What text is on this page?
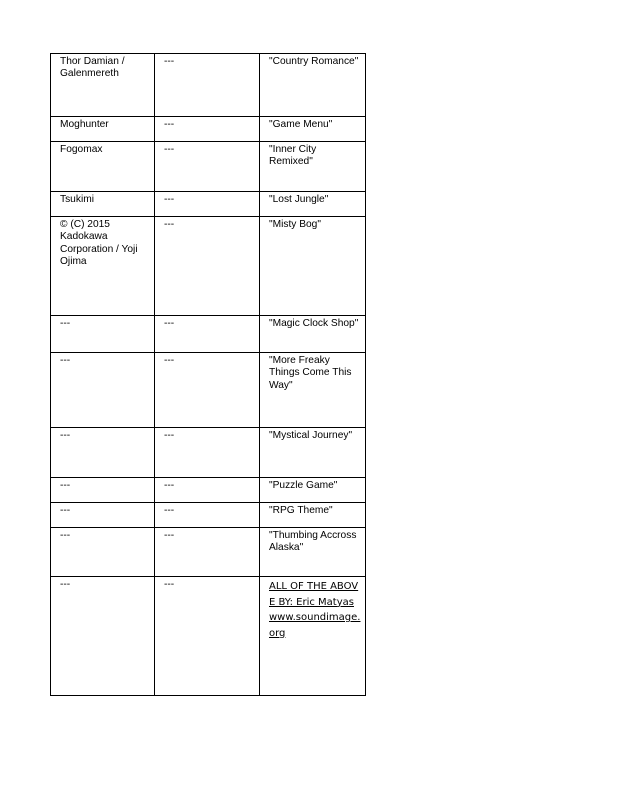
Thor Damian /
Galenmereth	---	"Country Romance"

Moghunter	---	"Game Menu"

Fogomax	---	"Inner City
Remixed"

Tsukimi	---	"Lost Jungle"

© (C) 2015
Kadokawa
Corporation / Yoji
Ojima	---	"Misty Bog"

---	---	"Magic Clock Shop"

---	---	"More Freaky
Things Come This
Way"

---	---	"Mystical Journey"

---	---	"Puzzle Game"

---	---	"RPG Theme"

---	---	"Thumbing Accross
Alaska"

---	---	ALL OF THE ABOVE BY: Eric Matyas www.soundimage.org
